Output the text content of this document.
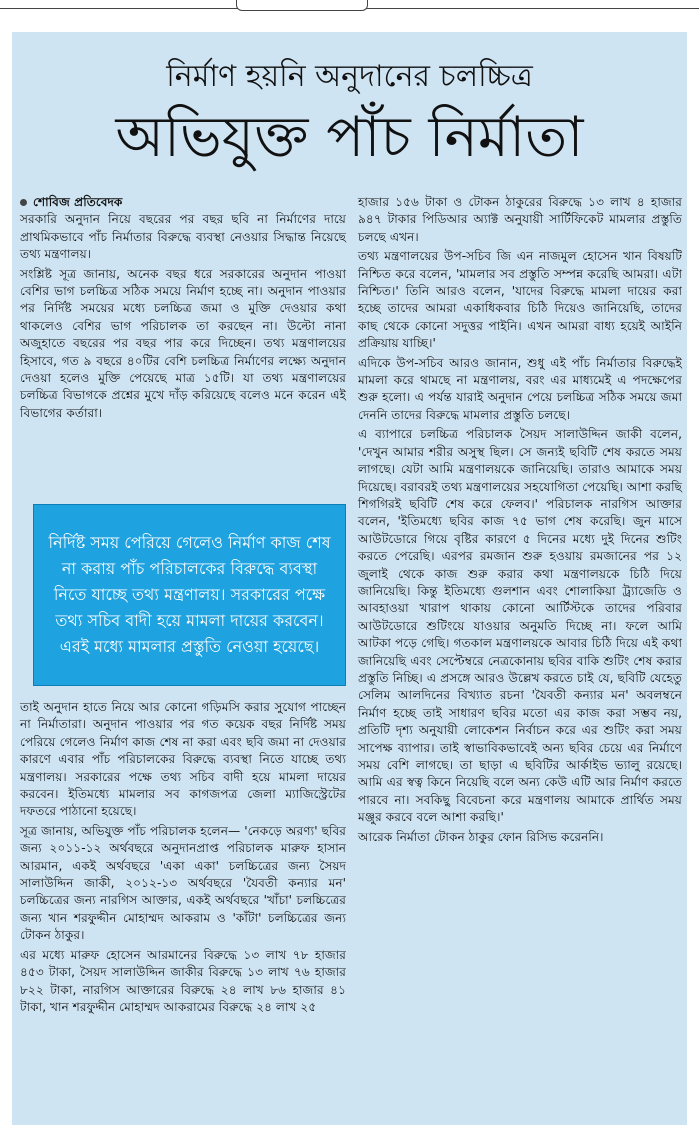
নির্মাণ হয়নি অনুদানের চলচ্চিত্র
অভিযুক্ত পাঁচ নির্মাতা
শোবিজ প্রতিবেদক

সরকারি অনুদান নিয়ে বছরের পর বছর ছবি না নির্মাণের দায়ে প্রাথমিকভাবে পাঁচ নির্মাতার বিরুদ্ধে ব্যবস্থা নেওয়ার সিদ্ধান্ত নিয়েছে তথ্য মন্ত্রণালয়।

সংশ্লিষ্ট সূত্র জানায়, অনেক বছর ধরে সরকারের অনুদান পাওয়া বেশির ভাগ চলচ্চিত্র সঠিক সময়ে নির্মাণ হচ্ছে না। অনুদান পাওয়ার পর নির্দিষ্ট সময়ের মধ্যে চলচ্চিত্র জমা ও মুক্তি দেওয়ার কথা থাকলেও বেশির ভাগ পরিচালক তা করছেন না। উল্টো নানা অজুহাতে বছরের পর বছর পার করে দিচ্ছেন। তথ্য মন্ত্রণালয়ের হিসাবে, গত ৯ বছরে ৪০টির বেশি চলচ্চিত্র নির্মাণের লক্ষ্যে অনুদান দেওয়া হলেও মুক্তি পেয়েছে মাত্র ১৫টি। যা তথ্য মন্ত্রণালয়ের চলচ্চিত্র বিভাগকে প্রশ্নের মুখে দাঁড় করিয়েছে বলেও মনে করেন এই বিভাগের কর্তারা।

নির্দিষ্ট সময় পেরিয়ে গেলেও নির্মাণ কাজ শেষ না করায় পাঁচ পরিচালকের বিরুদ্ধে ব্যবস্থা নিতে যাচ্ছে তথ্য মন্ত্রণালয়। সরকারের পক্ষে তথ্য সচিব বাদী হয়ে মামলা দায়ের করবেন। এরই মধ্যে মামলার প্রস্তুতি নেওয়া হয়েছে।

তাই অনুদান হাতে নিয়ে আর কোনো গড়িমসি করার সুযোগ পাচ্ছেন না নির্মাতারা। অনুদান পাওয়ার পর গত কয়েক বছর নির্দিষ্ট সময় পেরিয়ে গেলেও নির্মাণ কাজ শেষ না করা এবং ছবি জমা না দেওয়ার কারণে এবার পাঁচ পরিচালকের বিরুদ্ধে ব্যবস্থা নিতে যাচ্ছে তথ্য মন্ত্রণালয়। সরকারের পক্ষে তথ্য সচিব বাদী হয়ে মামলা দায়ের করবেন। ইতিমধ্যে মামলার সব কাগজপত্র জেলা ম্যাজিস্ট্রেটের দফতরে পাঠানো হয়েছে।

সূত্র জানায়, অভিযুক্ত পাঁচ পরিচালক হলেন— 'নেকড়ে অরণ্য' ছবির জন্য ২০১১-১২ অর্থবছরে অনুদানপ্রাপ্ত পরিচালক মারুফ হাসান আরমান, একই অর্থবছরে 'একা একা' চলচ্চিত্রের জন্য সৈয়দ সালাউদ্দিন জাকী, ২০১২-১৩ অর্থবছরে 'যৈবতী কন্যার মন' চলচ্চিত্রের জন্য নারগিস আক্তার, একই অর্থবছরে 'খাঁচা' চলচ্চিত্রের জন্য খান শরফুদ্দীন মোহাম্মদ আকরাম ও 'কাঁটা' চলচ্চিত্রের জন্য টোকন ঠাকুর।

এর মধ্যে মারুফ হোসেন আরমানের বিরুদ্ধে ১৩ লাখ ৭৮ হাজার ৪৫৩ টাকা, সৈয়দ সালাউদ্দিন জাকীর বিরুদ্ধে ১৩ লাখ ৭৬ হাজার ৮২২ টাকা, নারগিস আক্তারের বিরুদ্ধে ২৪ লাখ ৮৬ হাজার ৪১ টাকা, খান শরফুদ্দীন মোহাম্মদ আকরামের বিরুদ্ধে ২৪ লাখ ২৫

হাজার ১৫৬ টাকা ও টোকন ঠাকুরের বিরুদ্ধে ১৩ লাখ ৪ হাজার ৯৪৭ টাকার পিডিআর অ্যাক্ট অনুযায়ী সার্টিফিকেট মামলার প্রস্তুতি চলছে এখন।

তথ্য মন্ত্রণালয়ের উপ-সচিব জি এন নাজমুল হোসেন খান বিষয়টি নিশ্চিত করে বলেন, 'মামলার সব প্রস্তুতি সম্পন্ন করেছি আমরা। এটা নিশ্চিত।' তিনি আরও বলেন, 'যাদের বিরুদ্ধে মামলা দায়ের করা হচ্ছে তাদের আমরা একাধিকবার চিঠি দিয়েও জানিয়েছি, তাদের কাছ থেকে কোনো সদুত্তর পাইনি। এখন আমরা বাধ্য হয়েই আইনি প্রক্রিয়ায় যাচ্ছি।'

এদিকে উপ-সচিব আরও জানান, শুধু এই পাঁচ নির্মাতার বিরুদ্ধেই মামলা করে থামছে না মন্ত্রণালয়, বরং এর মাধ্যমেই এ পদক্ষেপের শুরু হলো। এ পর্যন্ত যারাই অনুদান পেয়ে চলচ্চিত্র সঠিক সময়ে জমা দেননি তাদের বিরুদ্ধে মামলার প্রস্তুতি চলছে।

এ ব্যাপারে চলচ্চিত্র পরিচালক সৈয়দ সালাউদ্দিন জাকী বলেন, 'দেখুন আমার শরীর অসুস্থ ছিল। সে জন্যই ছবিটি শেষ করতে সময় লাগছে। যেটা আমি মন্ত্রণালয়কে জানিয়েছি। তারাও আমাকে সময় দিয়েছে। বরাবরই তথ্য মন্ত্রণালয়ের সহযোগিতা পেয়েছি। আশা করছি শিগগিরই ছবিটি শেষ করে ফেলব।' পরিচালক নারগিস আক্তার বলেন, 'ইতিমধ্যে ছবির কাজ ৭৫ ভাগ শেষ করেছি। জুন মাসে আউটডোরে গিয়ে বৃষ্টির কারণে ৫ দিনের মধ্যে দুই দিনের শুটিং করতে পেরেছি। এরপর রমজান শুরু হওয়ায় রমজানের পর ১২ জুলাই থেকে কাজ শুরু করার কথা মন্ত্রণালয়কে চিঠি দিয়ে জানিয়েছি। কিন্তু ইতিমধ্যে গুলশান এবং শোলাকিয়া ট্র্যাজেডি ও আবহাওয়া খারাপ থাকায় কোনো আর্টিস্টকে তাদের পরিবার আউটডোরে শুটিংয়ে যাওয়ার অনুমতি দিচ্ছে না। ফলে আমি আটকা পড়ে গেছি। গতকাল মন্ত্রণালয়কে আবার চিঠি দিয়ে এই কথা জানিয়েছি এবং সেপ্টেম্বরে নেত্রকোনায় ছবির বাকি শুটিং শেষ করার প্রস্তুতি নিচ্ছি। এ প্রসঙ্গে আরও উল্লেখ করতে চাই যে, ছবিটি যেহেতু সেলিম আলদিনের বিখ্যাত রচনা 'যৈবতী কন্যার মন' অবলম্বনে নির্মাণ হচ্ছে তাই সাধারণ ছবির মতো এর কাজ করা সম্ভব নয়, প্রতিটি দৃশ্য অনুযায়ী লোকেশন নির্বাচন করে এর শুটিং করা সময় সাপেক্ষ ব্যাপার। তাই স্বাভাবিকভাবেই অন্য ছবির চেয়ে এর নির্মাণে সময় বেশি লাগছে। তা ছাড়া এ ছবিটির আর্কাইভ ভ্যালু রয়েছে। আমি এর স্বত্ব কিনে নিয়েছি বলে অন্য কেউ এটি আর নির্মাণ করতে পারবে না। সবকিছু বিবেচনা করে মন্ত্রণালয় আমাকে প্রার্থিত সময় মঞ্জুর করবে বলে আশা করছি।'

আরেক নির্মাতা টোকন ঠাকুর ফোন রিসিভ করেননি।
